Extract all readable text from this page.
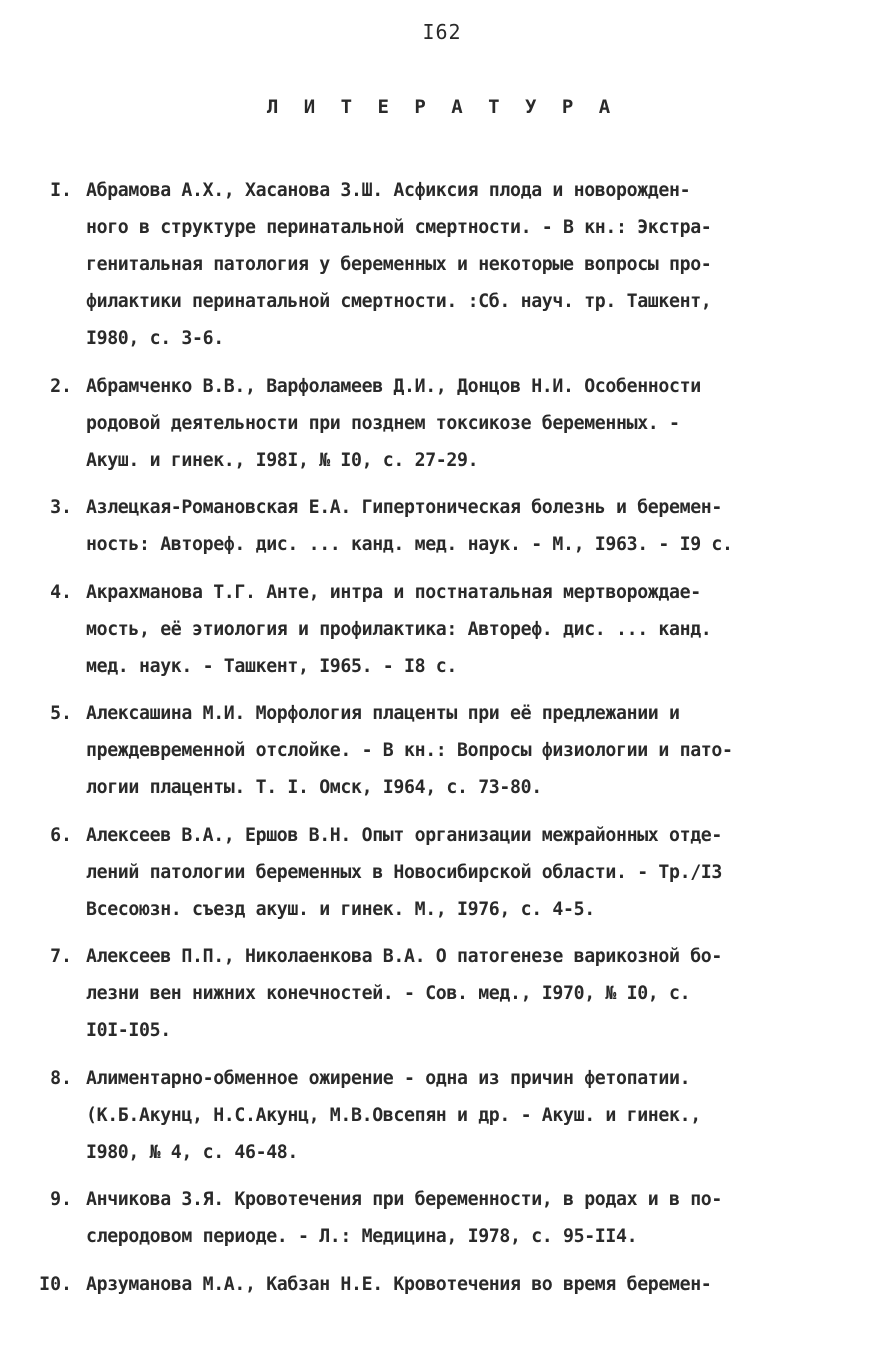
I62
Л И Т Е Р А Т У Р А
I. Абрамова А.Х., Хасанова З.Ш. Асфиксия плода и новорожден-
ного в структуре перинатальной смертности. - В кн.: Экстра-
генитальная патология у беременных и некоторые вопросы про-
филактики перинатальной смертности. :Сб. науч. тр. Ташкент,
I980, с. 3-6.
2. Абрамченко В.В., Варфоламеев Д.И., Донцов Н.И. Особенности
родовой деятельности при позднем токсикозе беременных. -
Акуш. и гинек., I98I, № I0, с. 27-29.
3. Азлецкая-Романовская Е.А. Гипертоническая болезнь и беремен-
ность: Автореф. дис. ... канд. мед. наук. - М., I963. - I9 с.
4. Акрахманова Т.Г. Анте, интра и постнатальная мертворождае-
мость, её этиология и профилактика: Автореф. дис. ... канд.
мед. наук. - Ташкент, I965. - I8 с.
5. Алексашина М.И. Морфология плаценты при её предлежании и
преждевременной отслойке. - В кн.: Вопросы физиологии и пато-
логии плаценты. Т. I. Омск, I964, с. 73-80.
6. Алексеев В.А., Ершов В.Н. Опыт организации межрайонных отде-
лений патологии беременных в Новосибирской области. - Тр./I3
Всесоюзн. съезд акуш. и гинек. М., I976, с. 4-5.
7. Алексеев П.П., Николаенкова В.А. О патогенезе варикозной бо-
лезни вен нижних конечностей. - Сов. мед., I970, № I0, с.
I0I-I05.
8. Алиментарно-обменное ожирение - одна из причин фетопатии.
(К.Б.Акунц, Н.С.Акунц, М.В.Овсепян и др. - Акуш. и гинек.,
I980, № 4, с. 46-48.
9. Анчикова З.Я. Кровотечения при беременности, в родах и в по-
слеродовом периоде. - Л.: Медицина, I978, с. 95-II4.
I0. Арзуманова М.А., Кабзан Н.Е. Кровотечения во время беремен-
